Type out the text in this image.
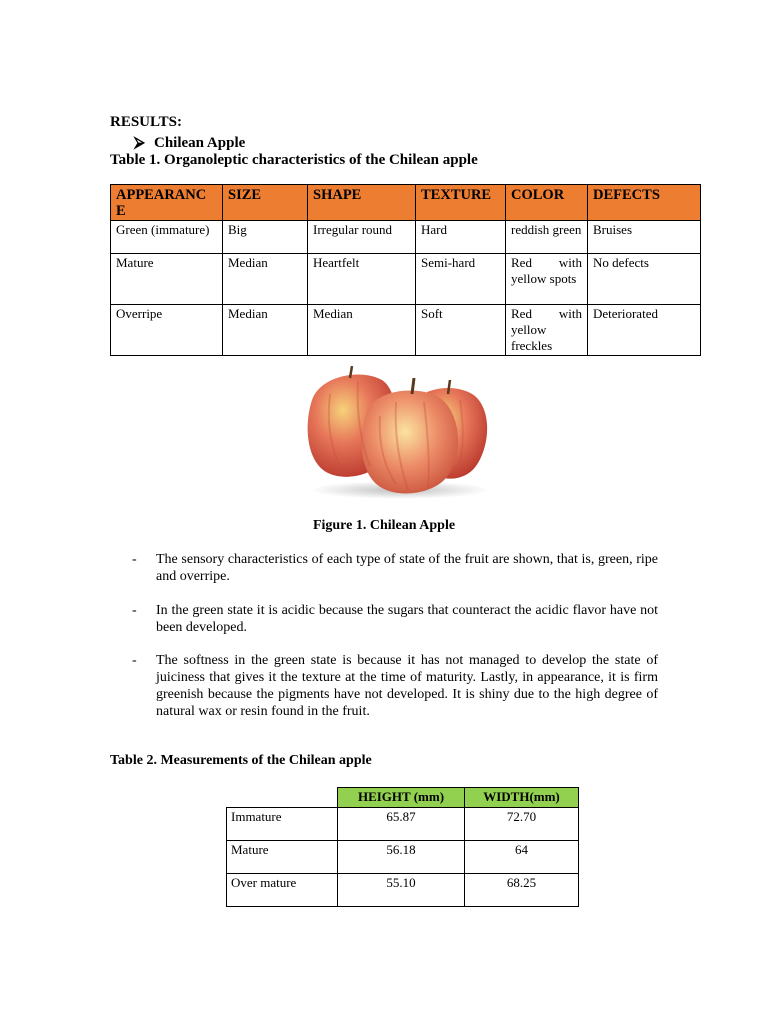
RESULTS:
⮚ Chilean Apple
Table 1. Organoleptic characteristics of the Chilean apple
APPEARANC E	SIZE	SHAPE	TEXTURE	COLOR	DEFECTS
Green (immature)	Big	Irregular round	Hard	reddish green	Bruises
Mature	Median	Heartfelt	Semi-hard	Red with yellow spots	No defects
Overripe	Median	Median	Soft	Red with yellow freckles	Deteriorated
Figure 1. Chilean Apple
- The sensory characteristics of each type of state of the fruit are shown, that is, green, ripe and overripe.
- In the green state it is acidic because the sugars that counteract the acidic flavor have not been developed.
- The softness in the green state is because it has not managed to develop the state of juiciness that gives it the texture at the time of maturity. Lastly, in appearance, it is firm greenish because the pigments have not developed. It is shiny due to the high degree of natural wax or resin found in the fruit.
Table 2. Measurements of the Chilean apple
	HEIGHT (mm)	WIDTH(mm)
Immature	65.87	72.70
Mature	56.18	64
Over mature	55.10	68.25
